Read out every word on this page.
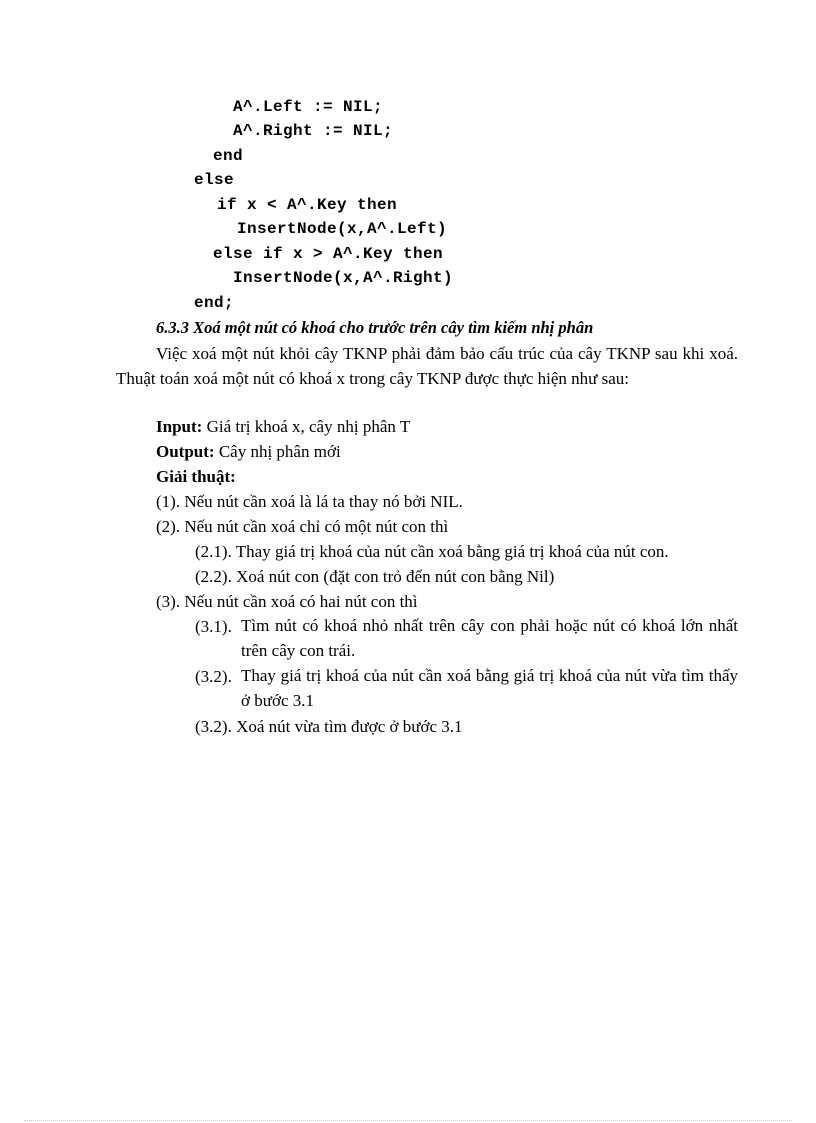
A^.Left := NIL;
A^.Right := NIL;
end
else
if x < A^.Key then
InsertNode(x,A^.Left)
else if x > A^.Key then
InsertNode(x,A^.Right)
end;
6.3.3 Xoá một nút có khoá cho trước trên cây tìm kiếm nhị phân
Việc xoá một nút khỏi cây TKNP phải đảm bảo cấu trúc của cây TKNP sau khi xoá. Thuật toán xoá một nút có khoá x trong cây TKNP được thực hiện như sau:
Input: Giá trị khoá x, cây nhị phân T
Output: Cây nhị phân mới
Giải thuật:
(1). Nếu nút cần xoá là lá ta thay nó bởi NIL.
(2). Nếu nút cần xoá chỉ có một nút con thì
(2.1). Thay giá trị khoá của nút cần xoá bằng giá trị khoá của nút con.
(2.2). Xoá nút con (đặt con trỏ đến nút con bằng Nil)
(3). Nếu nút cần xoá có hai nút con thì
(3.1). Tìm nút có khoá nhỏ nhất trên cây con phải hoặc nút có khoá lớn nhất trên cây con trái.
(3.2). Thay giá trị khoá của nút cần xoá bằng giá trị khoá của nút vừa tìm thấy ở bước 3.1
(3.2). Xoá nút vừa tìm được ở bước 3.1
